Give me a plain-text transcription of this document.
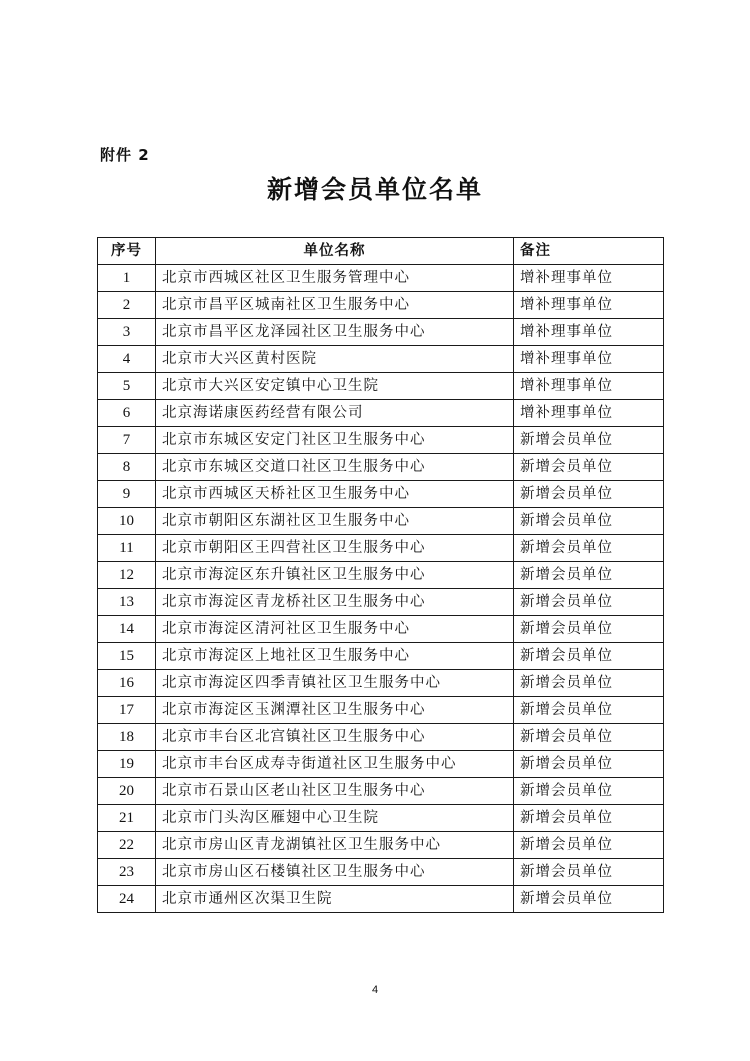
附件 2
新增会员单位名单
序号	单位名称	备注
1	北京市西城区社区卫生服务管理中心	增补理事单位
2	北京市昌平区城南社区卫生服务中心	增补理事单位
3	北京市昌平区龙泽园社区卫生服务中心	增补理事单位
4	北京市大兴区黄村医院	增补理事单位
5	北京市大兴区安定镇中心卫生院	增补理事单位
6	北京海诺康医药经营有限公司	增补理事单位
7	北京市东城区安定门社区卫生服务中心	新增会员单位
8	北京市东城区交道口社区卫生服务中心	新增会员单位
9	北京市西城区天桥社区卫生服务中心	新增会员单位
10	北京市朝阳区东湖社区卫生服务中心	新增会员单位
11	北京市朝阳区王四营社区卫生服务中心	新增会员单位
12	北京市海淀区东升镇社区卫生服务中心	新增会员单位
13	北京市海淀区青龙桥社区卫生服务中心	新增会员单位
14	北京市海淀区清河社区卫生服务中心	新增会员单位
15	北京市海淀区上地社区卫生服务中心	新增会员单位
16	北京市海淀区四季青镇社区卫生服务中心	新增会员单位
17	北京市海淀区玉渊潭社区卫生服务中心	新增会员单位
18	北京市丰台区北宫镇社区卫生服务中心	新增会员单位
19	北京市丰台区成寿寺街道社区卫生服务中心	新增会员单位
20	北京市石景山区老山社区卫生服务中心	新增会员单位
21	北京市门头沟区雁翅中心卫生院	新增会员单位
22	北京市房山区青龙湖镇社区卫生服务中心	新增会员单位
23	北京市房山区石楼镇社区卫生服务中心	新增会员单位
24	北京市通州区次渠卫生院	新增会员单位
4
